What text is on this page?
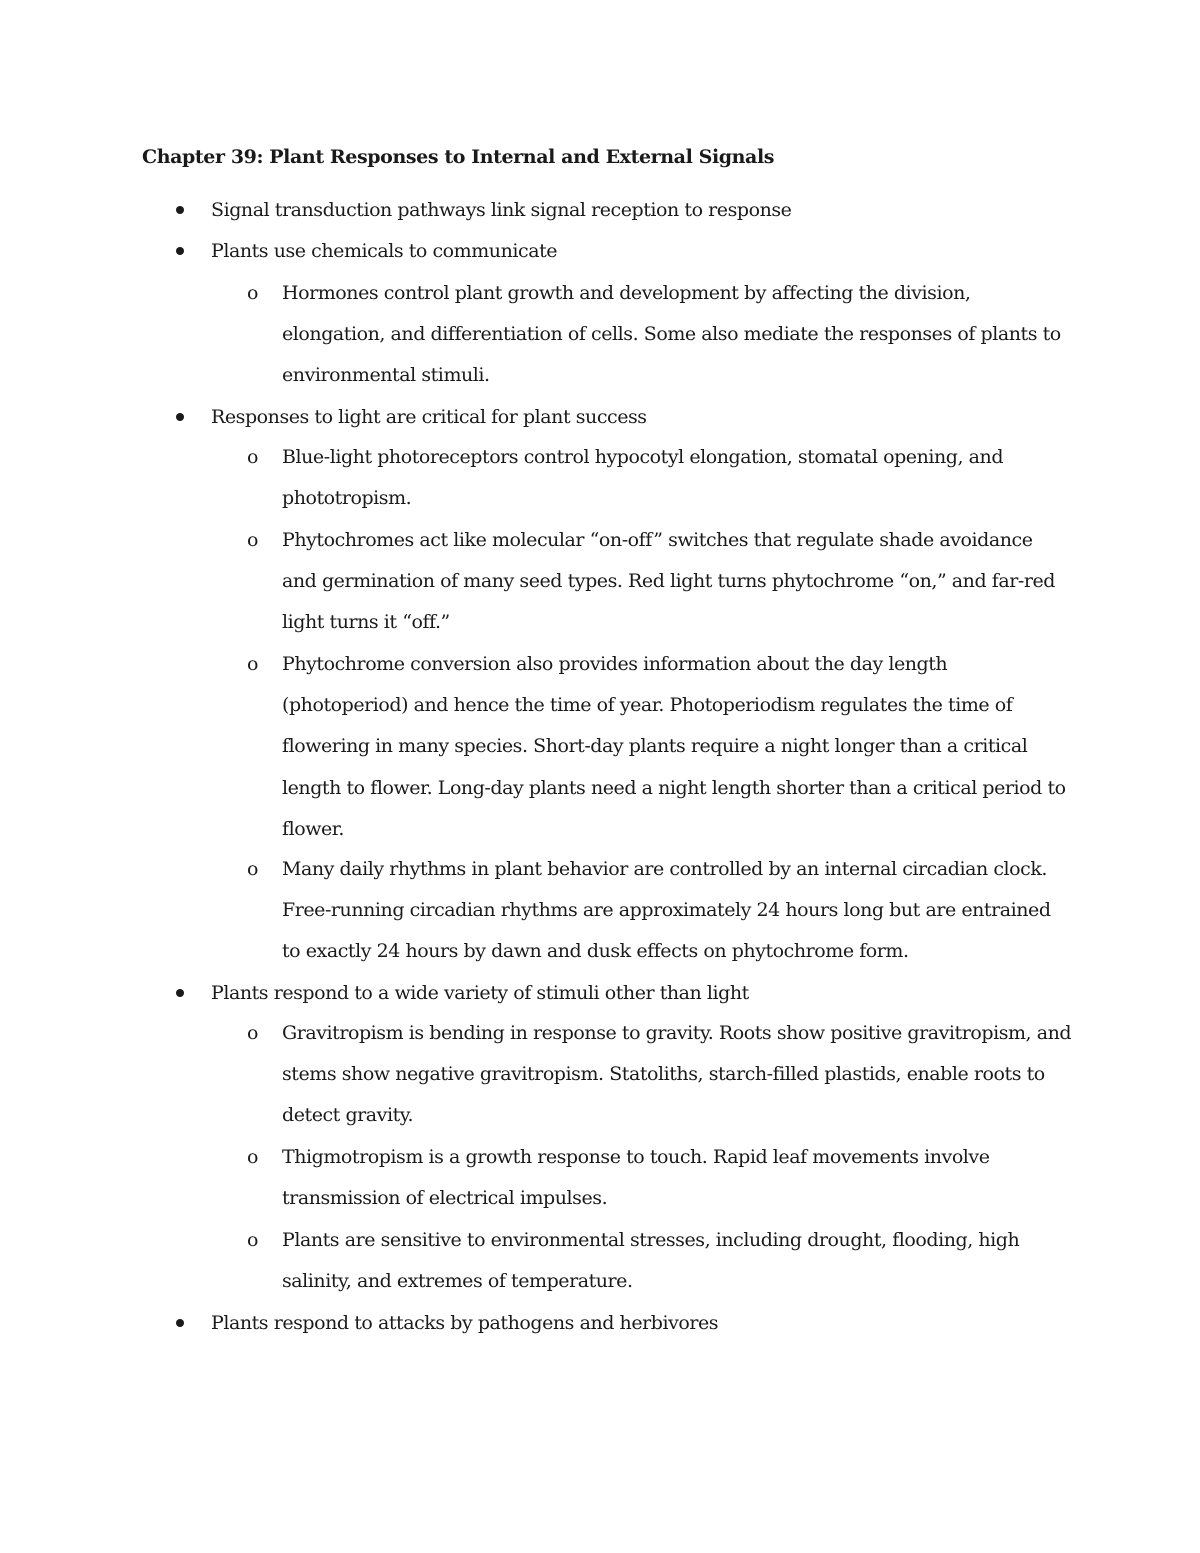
Chapter 39: Plant Responses to Internal and External Signals
Signal transduction pathways link signal reception to response
Plants use chemicals to communicate
o Hormones control plant growth and development by affecting the division, elongation, and differentiation of cells. Some also mediate the responses of plants to environmental stimuli.
Responses to light are critical for plant success
o Blue-light photoreceptors control hypocotyl elongation, stomatal opening, and phototropism.
o Phytochromes act like molecular “on-off” switches that regulate shade avoidance and germination of many seed types. Red light turns phytochrome “on,” and far-red light turns it “off.”
o Phytochrome conversion also provides information about the day length (photoperiod) and hence the time of year. Photoperiodism regulates the time of flowering in many species. Short-day plants require a night longer than a critical length to flower. Long-day plants need a night length shorter than a critical period to flower.
o Many daily rhythms in plant behavior are controlled by an internal circadian clock. Free-running circadian rhythms are approximately 24 hours long but are entrained to exactly 24 hours by dawn and dusk effects on phytochrome form.
Plants respond to a wide variety of stimuli other than light
o Gravitropism is bending in response to gravity. Roots show positive gravitropism, and stems show negative gravitropism. Statoliths, starch-filled plastids, enable roots to detect gravity.
o Thigmotropism is a growth response to touch. Rapid leaf movements involve transmission of electrical impulses.
o Plants are sensitive to environmental stresses, including drought, flooding, high salinity, and extremes of temperature.
Plants respond to attacks by pathogens and herbivores
